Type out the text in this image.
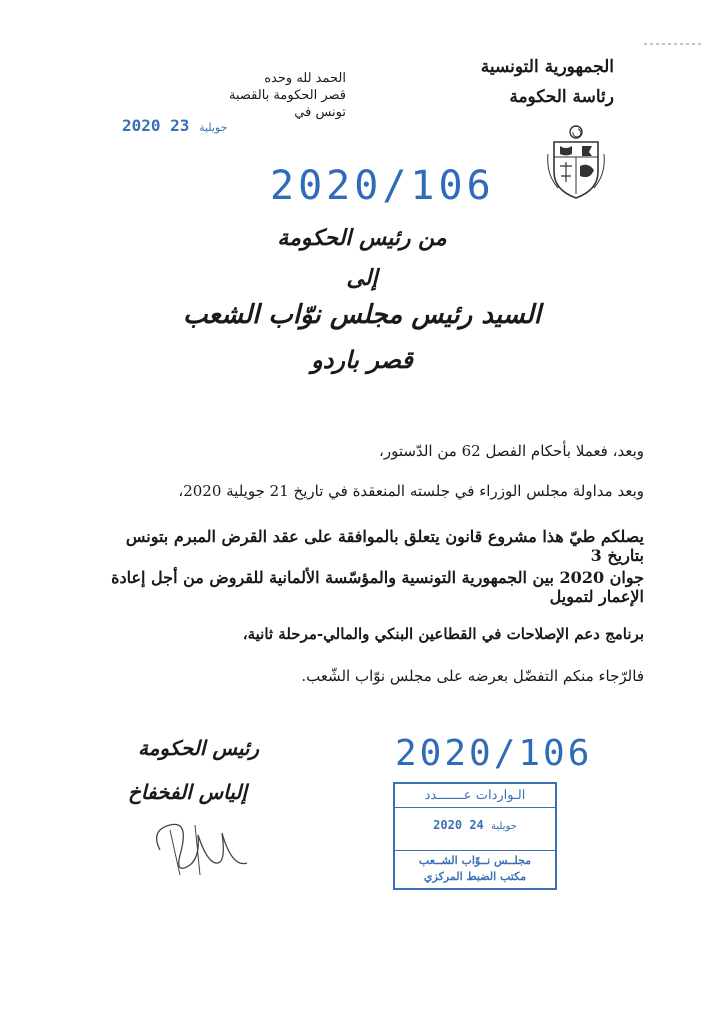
الجمهورية التونسية
رئاسة الحكومة
الحمد لله وحده
قصر الحكومة بالقصبة
تونس في
2020	جويلية 23
2020/106
من رئيس الحكومة
إلى
السيد رئيس مجلس نوّاب الشعب
قصر باردو
وبعد، فعملا بأحكام الفصل 62 من الدّستور،
وبعد مداولة مجلس الوزراء في جلسته المنعقدة في تاريخ 21 جويلية 2020،
يصلكم طيّ هذا مشروع قانون يتعلق بالموافقة على عقد القرض المبرم بتونس بتاريخ 3
جوان 2020 بين الجمهورية التونسية والمؤسّسة الألمانية للقروض من أجل إعادة الإعمار لتمويل
برنامج دعم الإصلاحات في القطاعين البنكي والمالي-مرحلة ثانية،
فالرّجاء منكم التفضّل بعرضه على مجلس نوّاب الشّعب.
رئيس الحكومة
إلياس الفخفاخ
2020/106
الـواردات عـــــــدد
2020	جويلية 24
مجلــس نــوّاب الشــعب
مكتب الضبط المركزي
